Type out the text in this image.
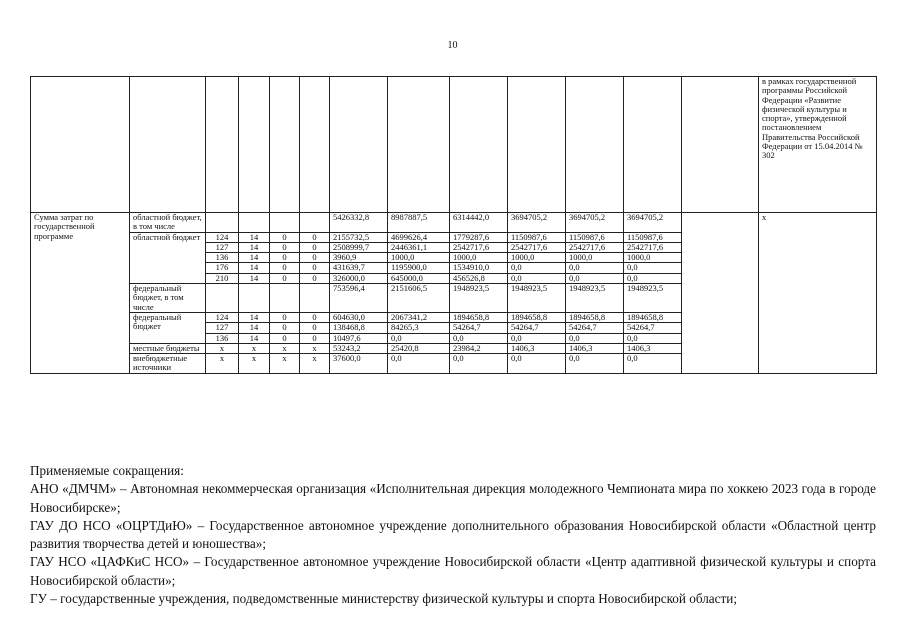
10
													в рамках государственной программы Российской Федерации «Развитие физической культуры и спорта», утвержденной постановлением Правительства Российской Федерации от 15.04.2014 № 302
Сумма затрат по государственной программе	областной бюджет, в том числе					5426332,8	8987887,5	6314442,0	3694705,2	3694705,2	3694705,2		х
	областной бюджет	124	14	0	0	2155732,5	4699626,4	1779287,6	1150987,6	1150987,6	1150987,6		
		127	14	0	0	2508999,7	2446361,1	2542717,6	2542717,6	2542717,6	2542717,6		
		136	14	0	0	3960,9	1000,0	1000,0	1000,0	1000,0	1000,0		
		176	14	0	0	431639,7	1195900,0	1534910,0	0,0	0,0	0,0		
		210	14	0	0	326000,0	645000,0	456526,8	0,0	0,0	0,0		
	федеральный бюджет, в том числе					753596,4	2151606,5	1948923,5	1948923,5	1948923,5	1948923,5		
	федеральный бюджет	124	14	0	0	604630,0	2067341,2	1894658,8	1894658,8	1894658,8	1894658,8		
		127	14	0	0	138468,8	84265,3	54264,7	54264,7	54264,7	54264,7		
		136	14	0	0	10497,6	0,0	0,0	0,0	0,0	0,0		
	местные бюджеты	х	х	х	х	53243,2	25420,8	23984,2	1406,3	1406,3	1406,3		
	внебюджетные источники	х	х	х	х	37600,0	0,0	0,0	0,0	0,0	0,0		

Применяемые сокращения:

АНО «ДМЧМ» – Автономная некоммерческая организация «Исполнительная дирекция молодежного Чемпионата мира по хоккею 2023 года в городе Новосибирске»;

ГАУ ДО НСО «ОЦРТДиЮ» – Государственное автономное учреждение дополнительного образования Новосибирской области «Областной центр развития творчества детей и юношества»;

ГАУ НСО «ЦАФКиС НСО» – Государственное автономное учреждение Новосибирской области «Центр адаптивной физической культуры и спорта Новосибирской области»;

ГУ – государственные учреждения, подведомственные министерству физической культуры и спорта Новосибирской области;
